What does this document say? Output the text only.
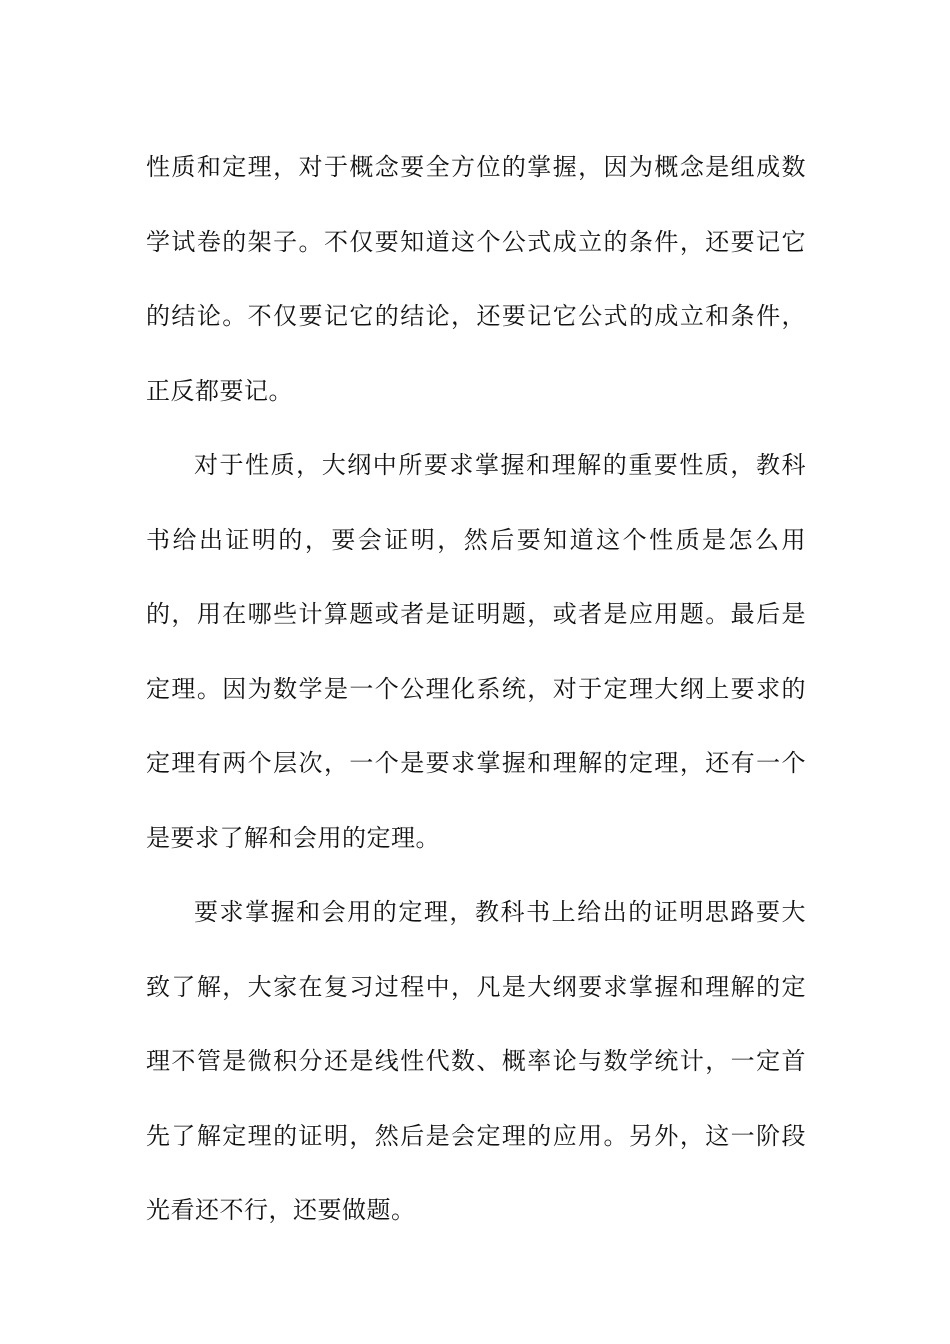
性质和定理，对于概念要全方位的掌握，因为概念是组成数学试卷的架子。不仅要知道这个公式成立的条件，还要记它的结论。不仅要记它的结论，还要记它公式的成立和条件，正反都要记。

对于性质，大纲中所要求掌握和理解的重要性质，教科书给出证明的，要会证明，然后要知道这个性质是怎么用的，用在哪些计算题或者是证明题，或者是应用题。最后是定理。因为数学是一个公理化系统，对于定理大纲上要求的定理有两个层次，一个是要求掌握和理解的定理，还有一个是要求了解和会用的定理。

要求掌握和会用的定理，教科书上给出的证明思路要大致了解，大家在复习过程中，凡是大纲要求掌握和理解的定理不管是微积分还是线性代数、概率论与数学统计，一定首先了解定理的证明，然后是会定理的应用。另外，这一阶段光看还不行，还要做题。
